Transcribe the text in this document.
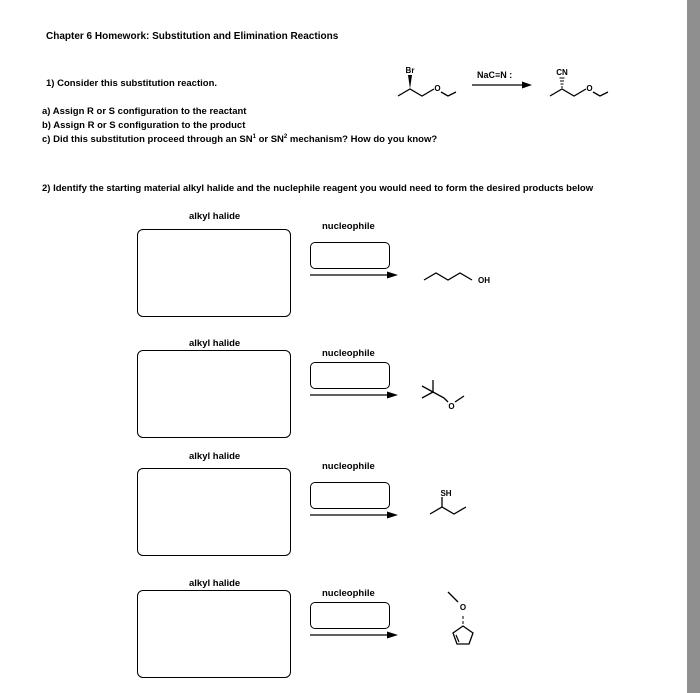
Chapter 6 Homework: Substitution and Elimination Reactions
1) Consider this substitution reaction.
a) Assign R or S configuration to the reactant
b) Assign R or S configuration to the product
c) Did this substitution proceed through an $SN^1$ or $SN^2$ mechanism? How do you know?
Br
O
NaC≡N :	CN
O
2) Identify the starting material alkyl halide and the nuclephile reagent you would need to form the desired products below
alkyl halide
nucleophile
OH
alkyl halide
nucleophile
O
alkyl halide
nucleophile
SH
alkyl halide
nucleophile
O
